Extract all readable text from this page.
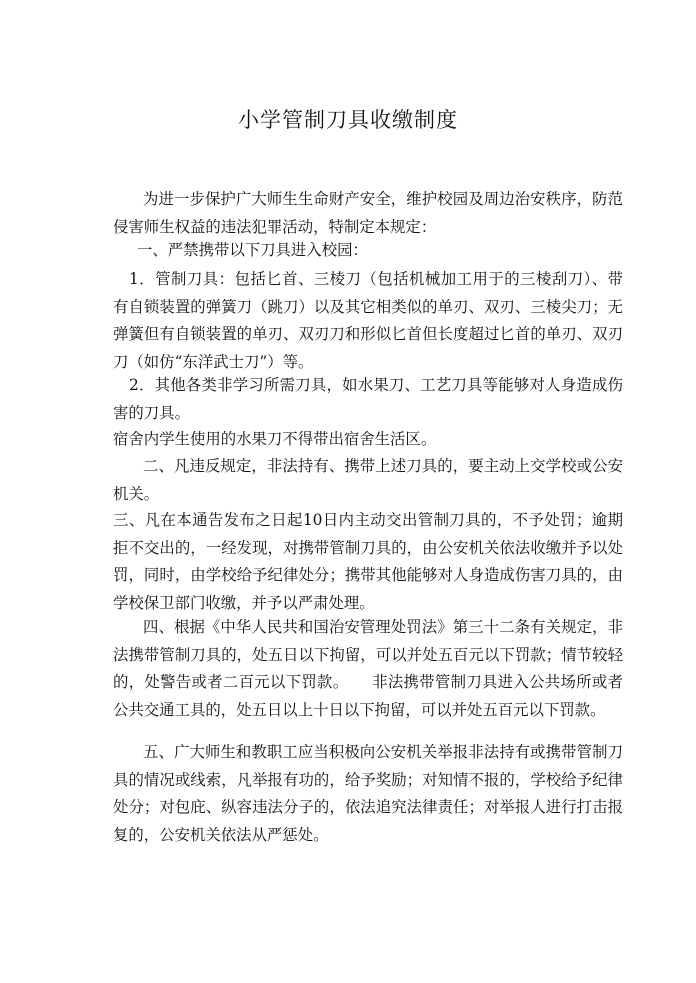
小学管制刀具收缴制度

为进一步保护广大师生生命财产安全，维护校园及周边治安秩序，防范侵害师生权益的违法犯罪活动，特制定本规定：

一、严禁携带以下刀具进入校园：

1．管制刀具：包括匕首、三棱刀（包括机械加工用于的三棱刮刀）、带有自锁装置的弹簧刀（跳刀）以及其它相类似的单刃、双刃、三棱尖刀；无弹簧但有自锁装置的单刃、双刃刀和形似匕首但长度超过匕首的单刃、双刃刀（如仿“东洋武士刀”）等。

2．其他各类非学习所需刀具，如水果刀、工艺刀具等能够对人身造成伤害的刀具。

宿舍内学生使用的水果刀不得带出宿舍生活区。

二、凡违反规定，非法持有、携带上述刀具的，要主动上交学校或公安机关。

三、凡在本通告发布之日起10日内主动交出管制刀具的，不予处罚；逾期拒不交出的，一经发现，对携带管制刀具的，由公安机关依法收缴并予以处罚，同时，由学校给予纪律处分；携带其他能够对人身造成伤害刀具的，由学校保卫部门收缴，并予以严肃处理。

四、根据《中华人民共和国治安管理处罚法》第三十二条有关规定，非法携带管制刀具的，处五日以下拘留，可以并处五百元以下罚款；情节较轻的，处警告或者二百元以下罚款。　　非法携带管制刀具进入公共场所或者公共交通工具的，处五日以上十日以下拘留，可以并处五百元以下罚款。

五、广大师生和教职工应当积极向公安机关举报非法持有或携带管制刀具的情况或线索，凡举报有功的，给予奖励；对知情不报的，学校给予纪律处分；对包庇、纵容违法分子的，依法追究法律责任；对举报人进行打击报复的，公安机关依法从严惩处。
